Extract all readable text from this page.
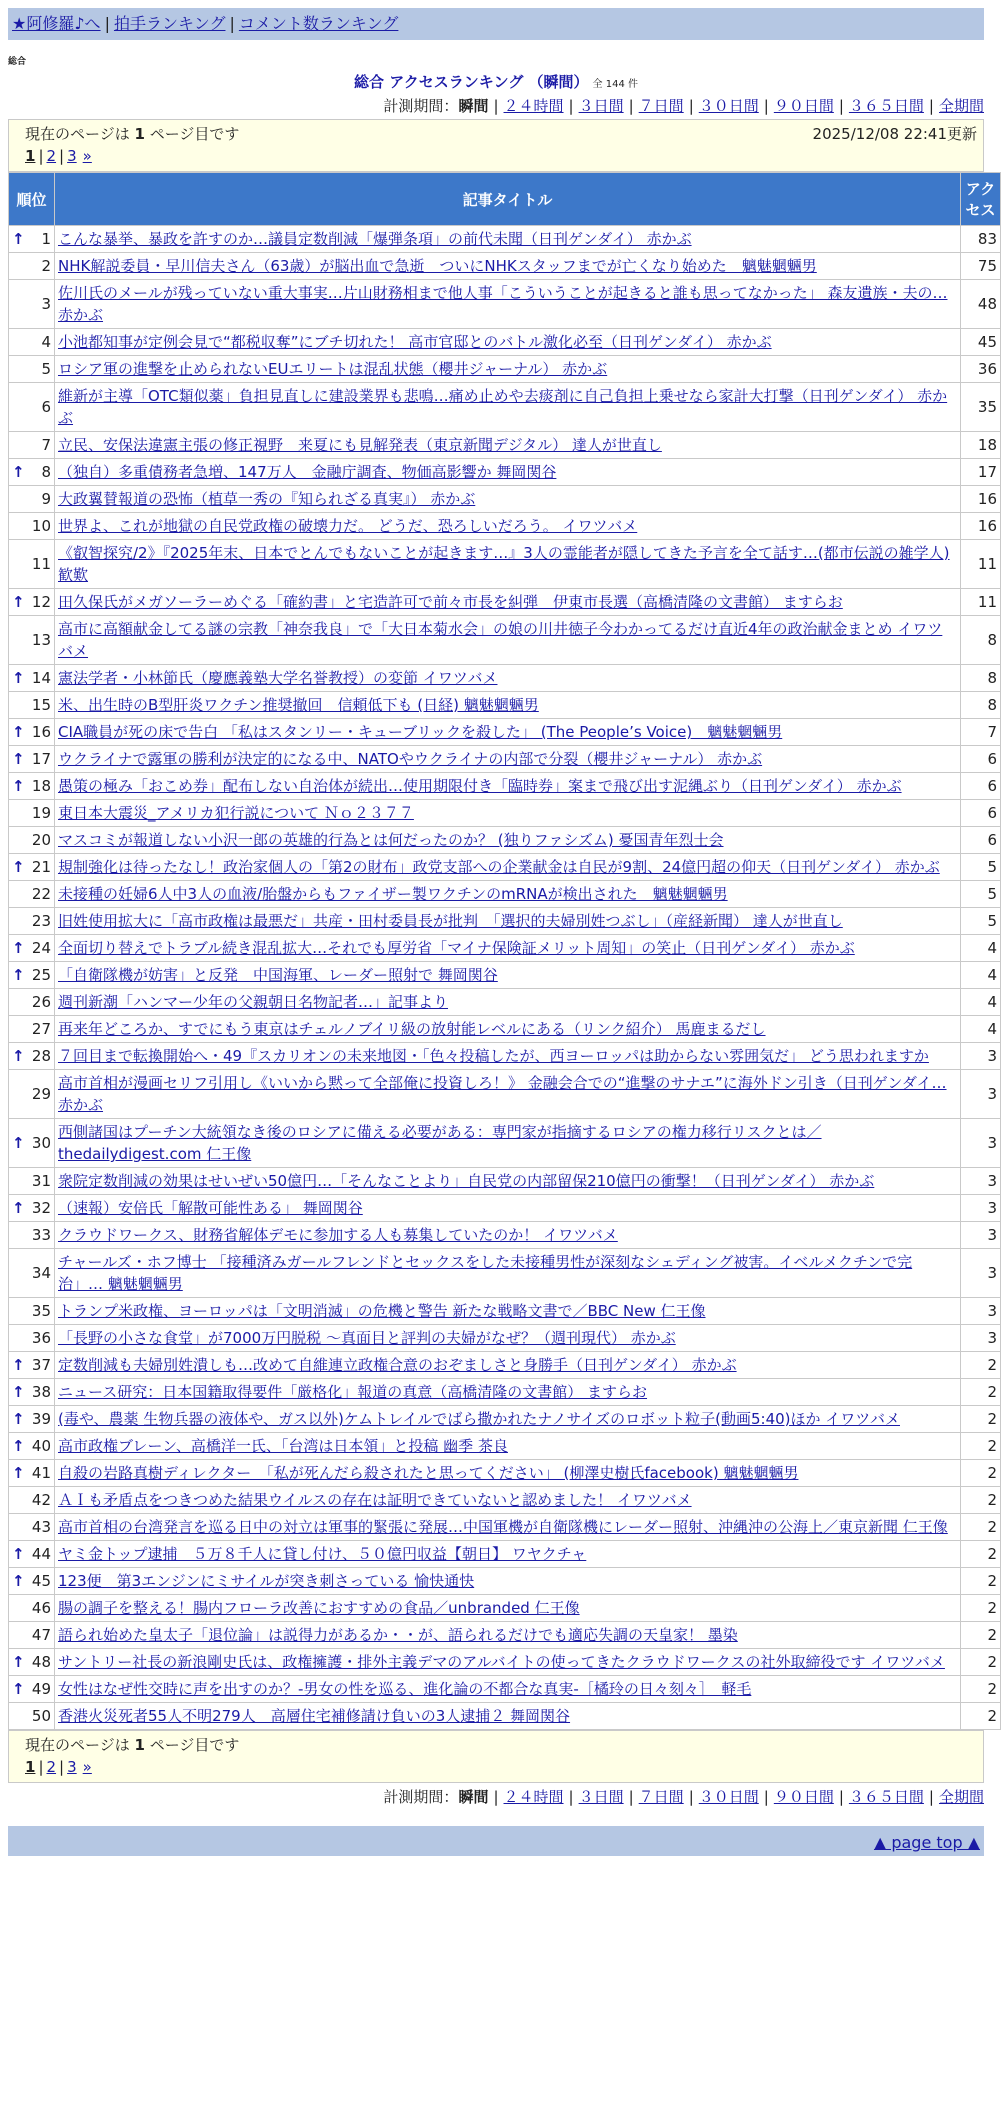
★阿修羅♪へ | 拍手ランキング | コメント数ランキング
総合
総合 アクセスランキング （瞬間） 全 144 件
計測期間：瞬間 | ２４時間 | ３日間 | ７日間 | ３０日間 | ９０日間 | ３６５日間 | 全期間
現在のページは 1 ページ目です	2025/12/08 22:41更新
1 | 2 | 3 »
順位	記事タイトル	アクセス

↑ 1	こんな暴挙、暴政を許すのか…議員定数削減「爆弾条項」の前代未聞（日刊ゲンダイ） 赤かぶ	83
2	NHK解説委員・早川信夫さん（63歳）が脳出血で急逝　ついにNHKスタッフまでが亡くなり始めた　魑魅魍魎男	75
3	佐川氏のメールが残っていない重大事実…片山財務相まで他人事「こういうことが起きると誰も思ってなかった」 森友遺族・夫の… 赤かぶ	48
4	小池都知事が定例会見で“都税収奪”にブチ切れた！ 高市官邸とのバトル激化必至（日刊ゲンダイ） 赤かぶ	45
5	ロシア軍の進撃を止められないEUエリートは混乱状態（櫻井ジャーナル） 赤かぶ	36
6	維新が主導「OTC類似薬」負担見直しに建設業界も悲鳴…痛め止めや去痰剤に自己負担上乗せなら家計大打撃（日刊ゲンダイ） 赤かぶ	35
7	立民、安保法違憲主張の修正視野　来夏にも見解発表（東京新聞デジタル） 達人が世直し	18

↑ 8	（独自）多重債務者急増、147万人　金融庁調査、物価高影響か 舞岡関谷	17
9	大政翼賛報道の恐怖（植草一秀の『知られざる真実』） 赤かぶ	16
10	世界よ、これが地獄の自民党政権の破壊力だ。 どうだ、恐ろしいだろう。 イワツバメ	16
11	《叡智探究/2》『2025年末、日本でとんでもないことが起きます…』3人の霊能者が隠してきた予言を全て話す…(都市伝説の雑学人) 歓歎	11

↑ 12	田久保氏がメガソーラーめぐる「確約書」と宅造許可で前々市長を糾弾　伊東市長選（高橋清隆の文書館） ますらお	11
13	高市に高額献金してる謎の宗教「神奈我良」で「大日本菊水会」の娘の川井徳子今わかってるだけ直近4年の政治献金まとめ イワツバメ	8

↑ 14	憲法学者・小林節氏（慶應義塾大学名誉教授）の変節 イワツバメ	8
15	米、出生時のB型肝炎ワクチン推奨撤回　信頼低下も (日経) 魑魅魍魎男	8

↑ 16	CIA職員が死の床で告白 「私はスタンリー・キューブリックを殺した」 (The People’s Voice)　魑魅魍魎男	7

↑ 17	ウクライナで露軍の勝利が決定的になる中、NATOやウクライナの内部で分裂（櫻井ジャーナル） 赤かぶ	6

↑ 18	愚策の極み「おこめ券」配布しない自治体が続出…使用期限付き「臨時券」案まで飛び出す泥縄ぶり（日刊ゲンダイ） 赤かぶ	6
19	東日本大震災_アメリカ犯行説について Ｎｏ２３７７	6
20	マスコミが報道しない小沢一郎の英雄的行為とは何だったのか？ (独りファシズム) 憂国青年烈士会	6

↑ 21	規制強化は待ったなし！政治家個人の「第2の財布」政党支部への企業献金は自民が9割、24億円超の仰天（日刊ゲンダイ） 赤かぶ	5
22	未接種の妊婦6人中3人の血液/胎盤からもファイザー製ワクチンのmRNAが検出された　魑魅魍魎男	5
23	旧姓使用拡大に「高市政権は最悪だ」共産・田村委員長が批判　「選択的夫婦別姓つぶし」（産経新聞） 達人が世直し	5

↑ 24	全面切り替えでトラブル続き混乱拡大…それでも厚労省「マイナ保険証メリット周知」の笑止（日刊ゲンダイ） 赤かぶ	4

↑ 25	「自衛隊機が妨害」と反発　中国海軍、レーダー照射で 舞岡関谷	4
26	週刊新潮「ハンマー少年の父親朝日名物記者…」記事より	4
27	再来年どころか、すでにもう東京はチェルノブイリ級の放射能レベルにある（リンク紹介） 馬鹿まるだし	4

↑ 28	７回目まで転換開始へ・49『スカリオンの未来地図・「色々投稿したが、西ヨーロッパは助からない雰囲気だ」 どう思われますか	3
29	高市首相が漫画セリフ引用し《いいから黙って全部俺に投資しろ！》 金融会合での“進撃のサナエ”に海外ドン引き（日刊ゲンダイ… 赤かぶ	3

↑ 30	西側諸国はプーチン大統領なき後のロシアに備える必要がある：専門家が指摘するロシアの権力移行リスクとは／thedailydigest.com 仁王像	3
31	衆院定数削減の効果はせいぜい50億円…「そんなことより」自民党の内部留保210億円の衝撃！（日刊ゲンダイ） 赤かぶ	3

↑ 32	（速報）安倍氏「解散可能性ある」 舞岡関谷	3
33	クラウドワークス、財務省解体デモに参加する人も募集していたのか！ イワツバメ	3
34	チャールズ・ホフ博士 「接種済みガールフレンドとセックスをした未接種男性が深刻なシェディング被害。イベルメクチンで完治」… 魑魅魍魎男	3
35	トランプ米政権、ヨーロッパは「文明消滅」の危機と警告 新たな戦略文書で／BBC New 仁王像	3
36	「長野の小さな食堂」が7000万円脱税 ～真面目と評判の夫婦がなぜ？（週刊現代） 赤かぶ	3

↑ 37	定数削減も夫婦別姓潰しも…改めて自維連立政権合意のおぞましさと身勝手（日刊ゲンダイ） 赤かぶ	2

↑ 38	ニュース研究：日本国籍取得要件「厳格化」報道の真意（高橋清隆の文書館） ますらお	2

↑ 39	(毒や、農薬 生物兵器の液体や、ガス以外)ケムトレイルでばら撒かれたナノサイズのロボット粒子(動画5:40)ほか イワツバメ	2

↑ 40	高市政権ブレーン、高橋洋一氏、「台湾は日本領」と投稿 幽季 茶良	2

↑ 41	自殺の岩路真樹ディレクター　「私が死んだら殺されたと思ってください」 (柳澤史樹氏facebook) 魑魅魍魎男	2
42	ＡＩも矛盾点をつきつめた結果ウイルスの存在は証明できていないと認めました！ イワツバメ	2
43	高市首相の台湾発言を巡る日中の対立は軍事的緊張に発展…中国軍機が自衛隊機にレーダー照射、沖縄沖の公海上／東京新聞 仁王像	2

↑ 44	ヤミ金トップ逮捕　５万８千人に貸し付け、５０億円収益【朝日】 ワヤクチャ	2

↑ 45	123便　第3エンジンにミサイルが突き刺さっている 愉快通快	2
46	腸の調子を整える！腸内フローラ改善におすすめの食品／unbranded 仁王像	2
47	語られ始めた皇太子「退位論」は説得力があるか・・が、語られるだけでも適応失調の天皇家！ 墨染	2

↑ 48	サントリー社長の新浪剛史氏は、政権擁護・排外主義デマのアルバイトの使ってきたクラウドワークスの社外取締役です イワツバメ	2

↑ 49	女性はなぜ性交時に声を出すのか？-男女の性を巡る、進化論の不都合な真実-［橘玲の日々刻々］　軽毛	2
50	香港火災死者55人不明279人　高層住宅補修請け負いの3人逮捕２ 舞岡関谷	2
現在のページは 1 ページ目です
1 | 2 | 3 »
計測期間：瞬間 | ２４時間 | ３日間 | ７日間 | ３０日間 | ９０日間 | ３６５日間 | 全期間
▲ page top ▲
